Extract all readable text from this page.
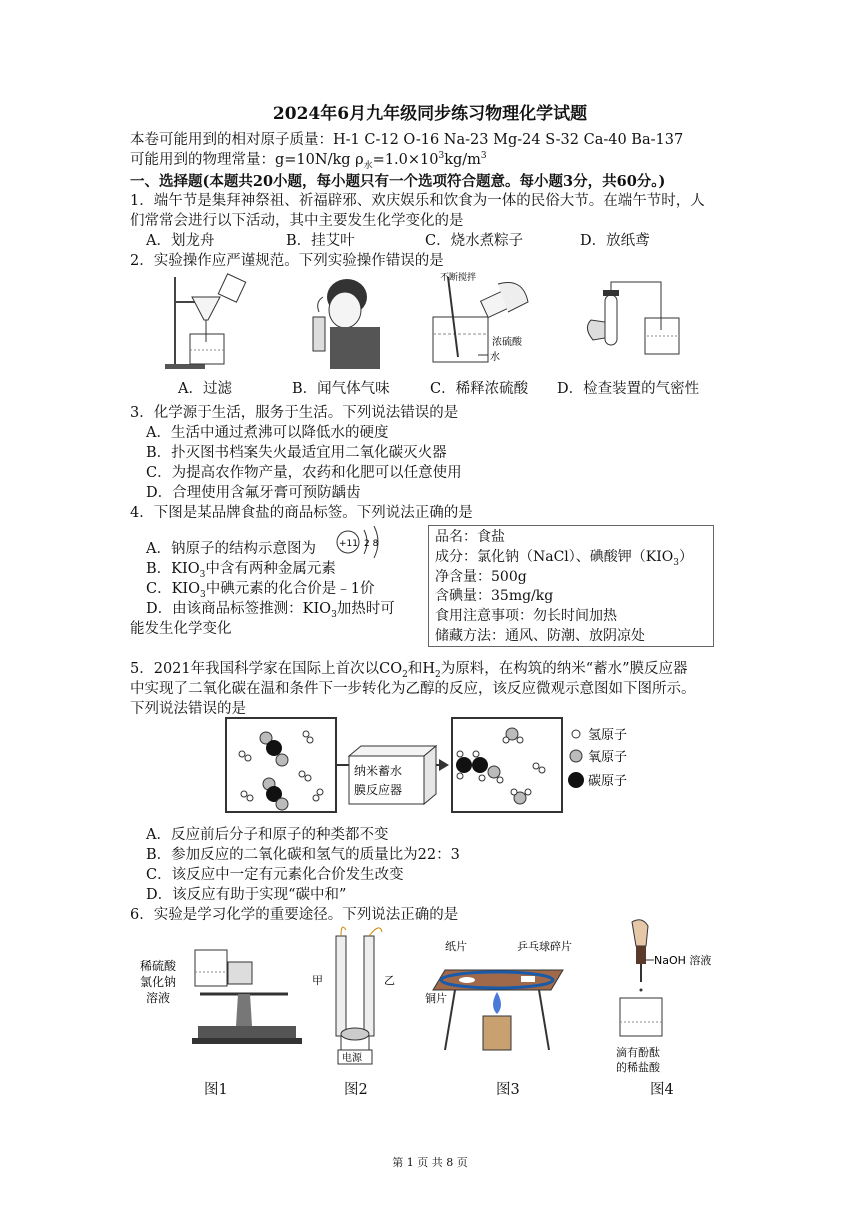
2024年6月九年级同步练习物理化学试题
本卷可能用到的相对原子质量：H-1 C-12 O-16 Na-23 Mg-24 S-32 Ca-40 Ba-137
可能用到的物理常量：g=10N/kg $\rho_水=1.0\times 10^3kg/m^3$
一、选择题(本题共20小题，每小题只有一个选项符合题意。每小题3分，共60分。)
1．端午节是集拜神祭祖、祈福辟邪、欢庆娱乐和饮食为一体的民俗大节。在端午节时，人
们常常会进行以下活动，其中主要发生化学变化的是
A．划龙舟	B．挂艾叶	C．烧水煮粽子	D．放纸鸢
2．实验操作应严谨规范。下列实验操作错误的是
不断搅拌
浓硫酸
水
A．过滤	B．闻气体气味	C．稀释浓硫酸 D．检查装置的气密性
3．化学源于生活，服务于生活。下列说法错误的是
A．生活中通过煮沸可以降低水的硬度
B．扑灭图书档案失火最适宜用二氧化碳灭火器
C．为提高农作物产量，农药和化肥可以任意使用
D．合理使用含氟牙膏可预防龋齿
4．下图是某品牌食盐的商品标签。下列说法正确的是
A．钠原子的结构示意图为	+11 2 8
B．$KIO_3$中含有两种金属元素
C．$KIO_3$中碘元素的化合价是﹣1价
D．由该商品标签推测：$KIO_3$加热时可
能发生化学变化
品名：食盐
成分：氯化钠（NaCl）、碘酸钾$(KIO_3)$
净含量：500g
含碘量：35mg/kg
食用注意事项：勿长时间加热
储藏方法：通风、防潮、放阴凉处
5．2021年我国科学家在国际上首次以$CO_2$和$H_2$为原料，在构筑的纳米“蓄水”膜反应器
中实现了二氧化碳在温和条件下一步转化为乙醇的反应，该反应微观示意图如下图所示。
下列说法错误的是
纳米蓄水
膜反应器
氢原子
氧原子
碳原子
A．反应前后分子和原子的种类都不变
B．参加反应的二氧化碳和氢气的质量比为22：3
C．该反应中一定有元素化合价发生改变
D．该反应有助于实现“碳中和”
6．实验是学习化学的重要途径。下列说法正确的是
稀硫酸
氯化钠
溶液
甲	乙
电源
纸片	乒乓球碎片
铜片
NaOH 溶液
滴有酚酞
的稀盐酸
图1	图2	图3	图4
第 1 页 共 8 页
